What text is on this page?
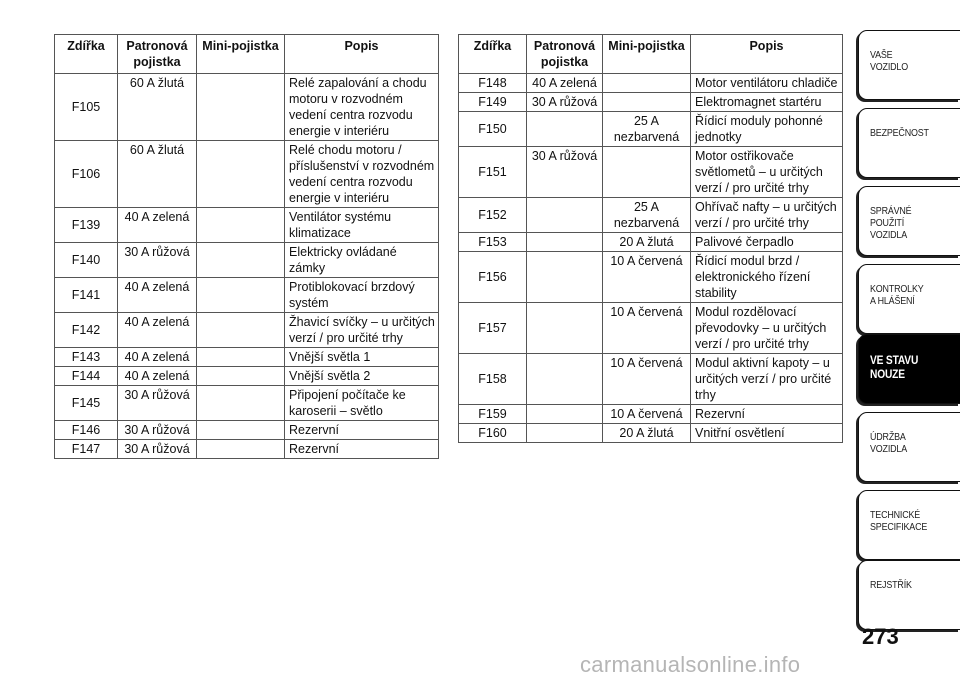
Zdířka	Patronová pojistka	Mini-pojistka	Popis
F105	60 A žlutá		Relé zapalování a chodu motoru v rozvodném vedení centra rozvodu energie v interiéru
F106	60 A žlutá		Relé chodu motoru / příslušenství v rozvodném vedení centra rozvodu energie v interiéru
F139	40 A zelená		Ventilátor systému klimatizace
F140	30 A růžová		Elektricky ovládané zámky
F141	40 A zelená		Protiblokovací brzdový systém
F142	40 A zelená		Žhavicí svíčky – u určitých verzí / pro určité trhy
F143	40 A zelená		Vnější světla 1
F144	40 A zelená		Vnější světla 2
F145	30 A růžová		Připojení počítače ke karoserii – světlo
F146	30 A růžová		Rezervní
F147	30 A růžová		Rezervní
Zdířka	Patronová pojistka	Mini-pojistka	Popis
F148	40 A zelená		Motor ventilátoru chladiče
F149	30 A růžová		Elektromagnet startéru
F150		25 A nezbarvená	Řídicí moduly pohonné jednotky
F151	30 A růžová		Motor ostřikovače světlometů – u určitých verzí / pro určité trhy
F152		25 A nezbarvená	Ohřívač nafty – u určitých verzí / pro určité trhy
F153		20 A žlutá	Palivové čerpadlo
F156		10 A červená	Řídicí modul brzd / elektronického řízení stability
F157		10 A červená	Modul rozdělovací převodovky – u určitých verzí / pro určité trhy
F158		10 A červená	Modul aktivní kapoty – u určitých verzí / pro určité trhy
F159		10 A červená	Rezervní
F160		20 A žlutá	Vnitřní osvětlení
VAŠE
VOZIDLO
BEZPEČNOST
SPRÁVNÉ
POUŽITÍ
VOZIDLA
KONTROLKY
A HLÁŠENÍ
VE STAVU
NOUZE
ÚDRŽBA
VOZIDLA
TECHNICKÉ
SPECIFIKACE
REJSTŘÍK
273
carmanualsonline.info
